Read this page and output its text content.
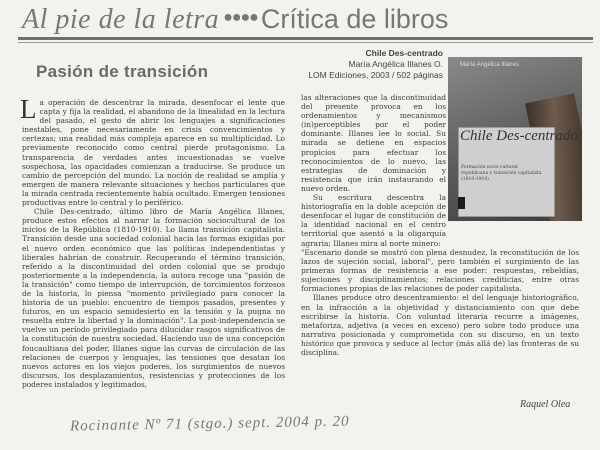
Al pie de la letra ●●●● Crítica de libros
Pasión de transición
Chile Des-centrado
María Angélica Illanes O.
LOM Ediciones, 2003 / 502 páginas
María Angélica Illanes
Chile Des-centrado
Formación socio-cultural republicana y transición capitalista (1810-1910)

La operación de descentrar la mirada, desenfocar el lente que capta y fija la realidad, el abandono de la linealidad en la lectura del pasado, el gesto de abrir los lenguajes a significaciones inestables, pone necesariamente en crisis convencimientos y certezas; una realidad más compleja aparece en su multiplicidad. Lo previamente reconocido como central pierde protagonismo. La transparencia de verdades antes incuestionadas se vuelve sospechosa, las opacidades comienzan a traducirse. Se produce un cambio de percepción del mundo. La noción de realidad se amplía y emergen de manera relevante situaciones y hechos particulares que la mirada centrada recientemente había ocultado. Emergen tensiones productivas entre lo central y lo periférico.

Chile Des-centrado, último libro de María Angélica Illanes, produce estos efectos al narrar la formación sociocultural de los inicios de la República (1810-1910). Lo llama transición capitalista. Transición desde una sociedad colonial hacia las formas exigidas por el nuevo orden económico que las políticas independentistas y liberales habrían de construir. Recuperando el término transición, referido a la discontinuidad del orden colonial que se produjo posteriormente a la independencia, la autora recoge una "pasión de la transición" como tiempo de interrupción, de torcimientos forzosos de la historia, lo piensa "momento privilegiado para conocer la historia de un pueblo: encuentro de tiempos pasados, presentes y futuros, en un espacio semidesierto en la tensión y la pugna no resuelta entre la libertad y la dominación". La post-independencia se vuelve un período privilegiado para dilucidar rasgos significativos de la constitución de nuestra sociedad. Haciendo uso de una concepción foucaultiana del poder, Illanes sigue las curvas de circulación de las relaciones de cuerpos y lenguajes, las tensiones que desatan los nuevos actores en los viejos poderes, los surgimientos de nuevos discursos, los desplazamientos, resistencias y protecciones de los poderes instalados y legitimados,

las alteraciones que la discontinuidad del presente provoca en los ordenamientos y mecanismos (in)perceptibles por el poder dominante. Illanes lee lo social. Su mirada se detiene en espacios propicios para efectuar los reconocimientos de lo nuevo, las estrategias de dominación y resistencia que irán instaurando el nuevo orden.

Su escritura descentra la historiografía en la doble acepción de desenfocar el lugar de constitución de la identidad nacional en el centro territorial que asentó a la oligarquía agraria; Illanes mira al norte minero:

"Escenario donde se mostró con plena desnudez, la reconstitución de los lazos de sujeción social, laboral", pero también el surgimiento de las primeras formas de resistencia a ese poder: respuestas, rebeldías, sujeciones y disciplinamientos; relaciones crediticias, entre otras formaciones propias de las relaciones de poder capitalista.

Illanes produce otro descentramiento: el del lenguaje historiográfico, en la infracción a la objetividad y distanciamiento con que debe escribirse la historia. Con voluntad literaria recurre a imágenes, metaforiza, adjetiva (a veces en exceso) pero sobre todo produce una narrativa posicionada y comprometida con su discurso, en un texto histórico que provoca y seduce al lector (más allá de) las fronteras de su disciplina.

Raquel Olea
Rocinante Nº 71 (stgo.) sept. 2004 p. 20
